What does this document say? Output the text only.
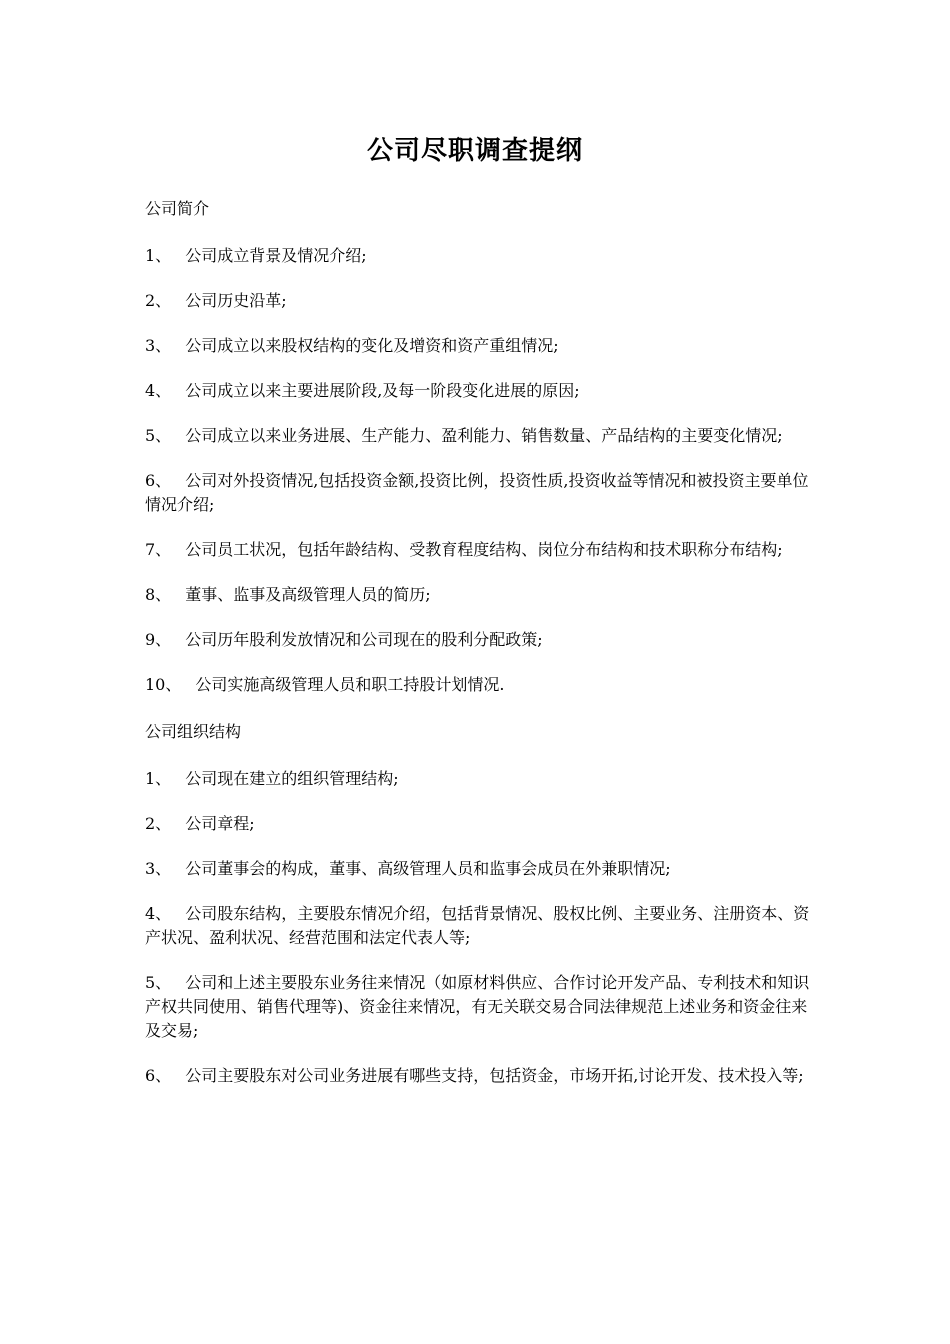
公司尽职调查提纲
公司简介
1、 公司成立背景及情况介绍;
2、 公司历史沿革;
3、 公司成立以来股权结构的变化及增资和资产重组情况;
4、 公司成立以来主要进展阶段,及每一阶段变化进展的原因;
5、 公司成立以来业务进展、生产能力、盈利能力、销售数量、产品结构的主要变化情况;
6、 公司对外投资情况,包括投资金额,投资比例，投资性质,投资收益等情况和被投资主要单位情况介绍;
7、 公司员工状况，包括年龄结构、受教育程度结构、岗位分布结构和技术职称分布结构;
8、 董事、监事及高级管理人员的简历;
9、 公司历年股利发放情况和公司现在的股利分配政策;
10、 公司实施高级管理人员和职工持股计划情况.
公司组织结构
1、 公司现在建立的组织管理结构;
2、 公司章程;
3、 公司董事会的构成，董事、高级管理人员和监事会成员在外兼职情况;
4、 公司股东结构，主要股东情况介绍，包括背景情况、股权比例、主要业务、注册资本、资产状况、盈利状况、经营范围和法定代表人等;
5、 公司和上述主要股东业务往来情况（如原材料供应、合作讨论开发产品、专利技术和知识产权共同使用、销售代理等)、资金往来情况，有无关联交易合同法律规范上述业务和资金往来及交易;
6、 公司主要股东对公司业务进展有哪些支持，包括资金，市场开拓,讨论开发、技术投入等;
